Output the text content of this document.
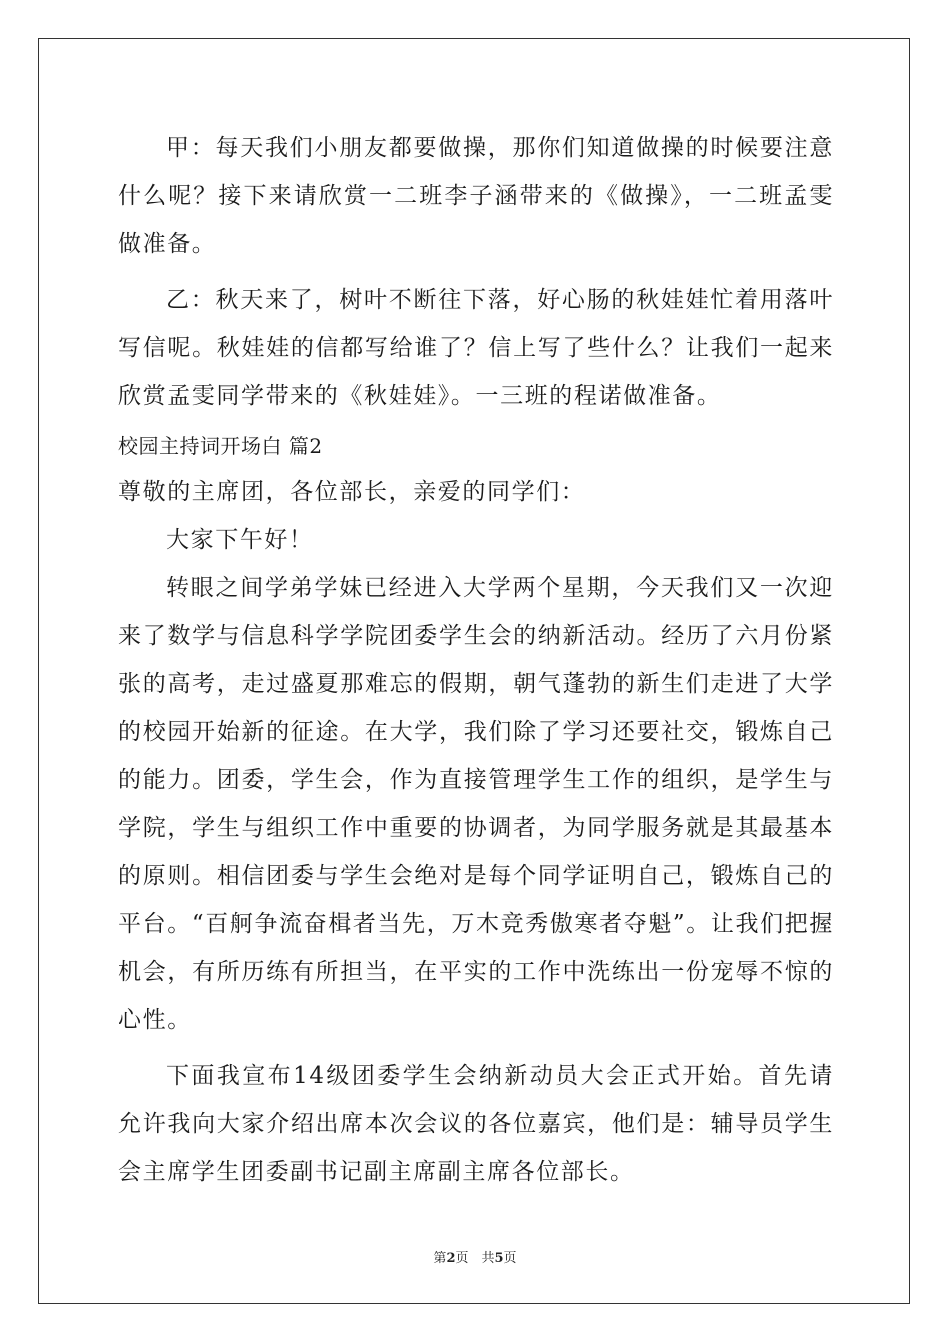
甲：每天我们小朋友都要做操，那你们知道做操的时候要注意什么呢？接下来请欣赏一二班李子涵带来的《做操》，一二班孟雯做准备。

乙：秋天来了，树叶不断往下落，好心肠的秋娃娃忙着用落叶写信呢。秋娃娃的信都写给谁了？信上写了些什么？让我们一起来欣赏孟雯同学带来的《秋娃娃》。一三班的程诺做准备。

校园主持词开场白 篇2

尊敬的主席团，各位部长，亲爱的同学们：

大家下午好！

转眼之间学弟学妹已经进入大学两个星期，今天我们又一次迎来了数学与信息科学学院团委学生会的纳新活动。经历了六月份紧张的高考，走过盛夏那难忘的假期，朝气蓬勃的新生们走进了大学的校园开始新的征途。在大学，我们除了学习还要社交，锻炼自己的能力。团委，学生会，作为直接管理学生工作的组织，是学生与学院，学生与组织工作中重要的协调者，为同学服务就是其最基本的原则。相信团委与学生会绝对是每个同学证明自己，锻炼自己的平台。“百舸争流奋楫者当先，万木竞秀傲寒者夺魁”。让我们把握机会，有所历练有所担当，在平实的工作中洗练出一份宠辱不惊的心性。

下面我宣布14级团委学生会纳新动员大会正式开始。首先请允许我向大家介绍出席本次会议的各位嘉宾，他们是：辅导员学生会主席学生团委副书记副主席副主席各位部长。

第2页　共5页
